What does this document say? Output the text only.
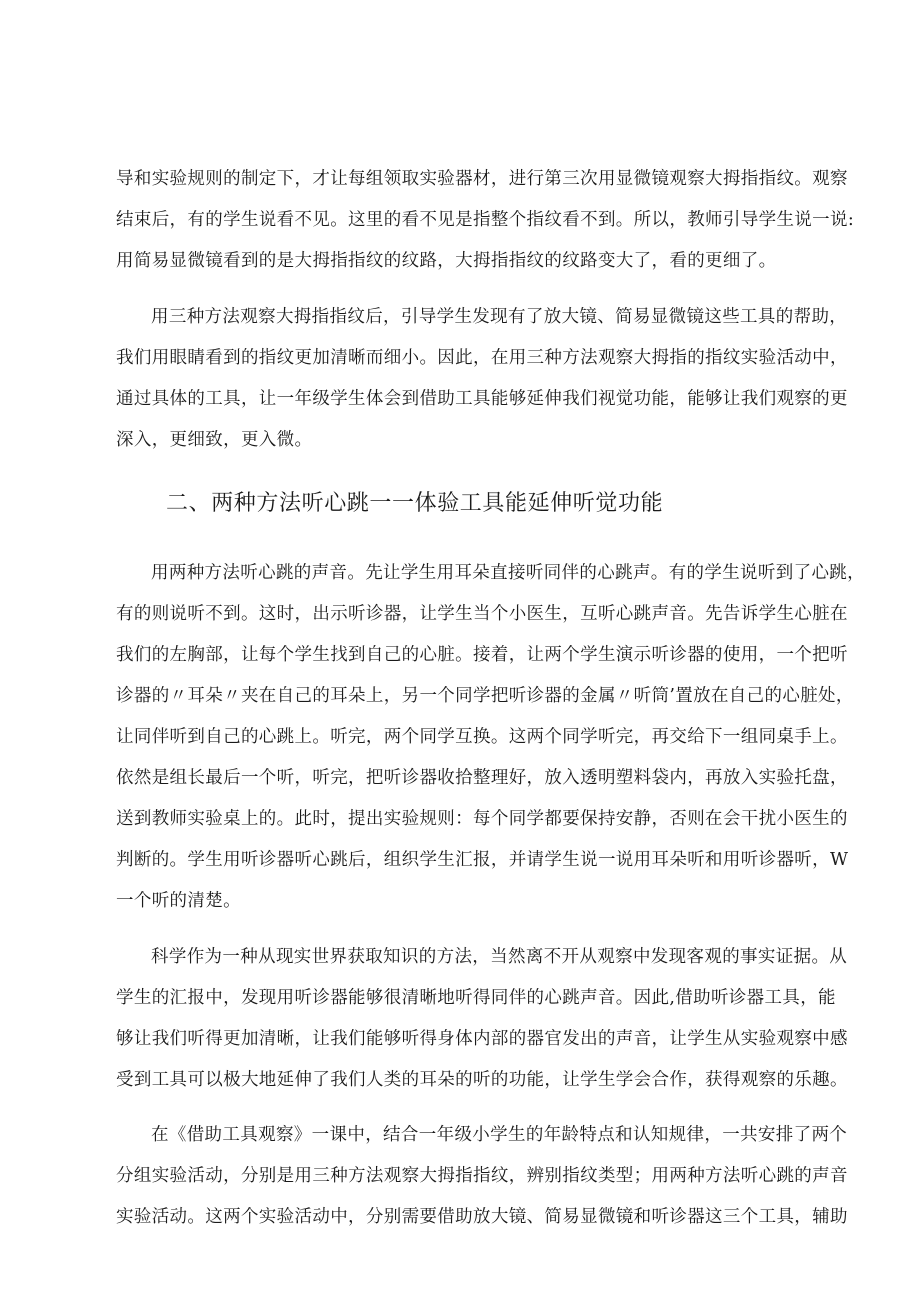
导和实验规则的制定下，才让每组领取实验器材，进行第三次用显微镜观察大拇指指纹。观察
结束后，有的学生说看不见。这里的看不见是指整个指纹看不到。所以，教师引导学生说一说:
用简易显微镜看到的是大拇指指纹的纹路，大拇指指纹的纹路变大了，看的更细了。
用三种方法观察大拇指指纹后，引导学生发现有了放大镜、简易显微镜这些工具的帮助，
我们用眼睛看到的指纹更加清晰而细小。因此，在用三种方法观察大拇指的指纹实验活动中，
通过具体的工具，让一年级学生体会到借助工具能够延伸我们视觉功能，能够让我们观察的更
深入，更细致，更入微。
二、两种方法听心跳一一体验工具能延伸听觉功能
用两种方法听心跳的声音。先让学生用耳朵直接听同伴的心跳声。有的学生说听到了心跳，
有的则说听不到。这时，出示听诊器，让学生当个小医生，互听心跳声音。先告诉学生心脏在
我们的左胸部，让每个学生找到自己的心脏。接着，让两个学生演示听诊器的使用，一个把听
诊器的〃耳朵〃夹在自己的耳朵上，另一个同学把听诊器的金属〃听筒’置放在自己的心脏处，
让同伴听到自己的心跳上。听完，两个同学互换。这两个同学听完，再交给下一组同桌手上。
依然是组长最后一个听，听完，把听诊器收拾整理好，放入透明塑料袋内，再放入实验托盘，
送到教师实验桌上的。此时，提出实验规则：每个同学都要保持安静，否则在会干扰小医生的
判断的。学生用听诊器听心跳后，组织学生汇报，并请学生说一说用耳朵听和用听诊器听，W
一个听的清楚。
科学作为一种从现实世界获取知识的方法，当然离不开从观察中发现客观的事实证据。从
学生的汇报中，发现用听诊器能够很清晰地听得同伴的心跳声音。因此,借助听诊器工具，能
够让我们听得更加清晰，让我们能够听得身体内部的器官发出的声音，让学生从实验观察中感
受到工具可以极大地延伸了我们人类的耳朵的听的功能，让学生学会合作，获得观察的乐趣。
在《借助工具观察》一课中，结合一年级小学生的年龄特点和认知规律，一共安排了两个
分组实验活动，分别是用三种方法观察大拇指指纹，辨别指纹类型；用两种方法听心跳的声音
实验活动。这两个实验活动中，分别需要借助放大镜、简易显微镜和听诊器这三个工具，辅助
